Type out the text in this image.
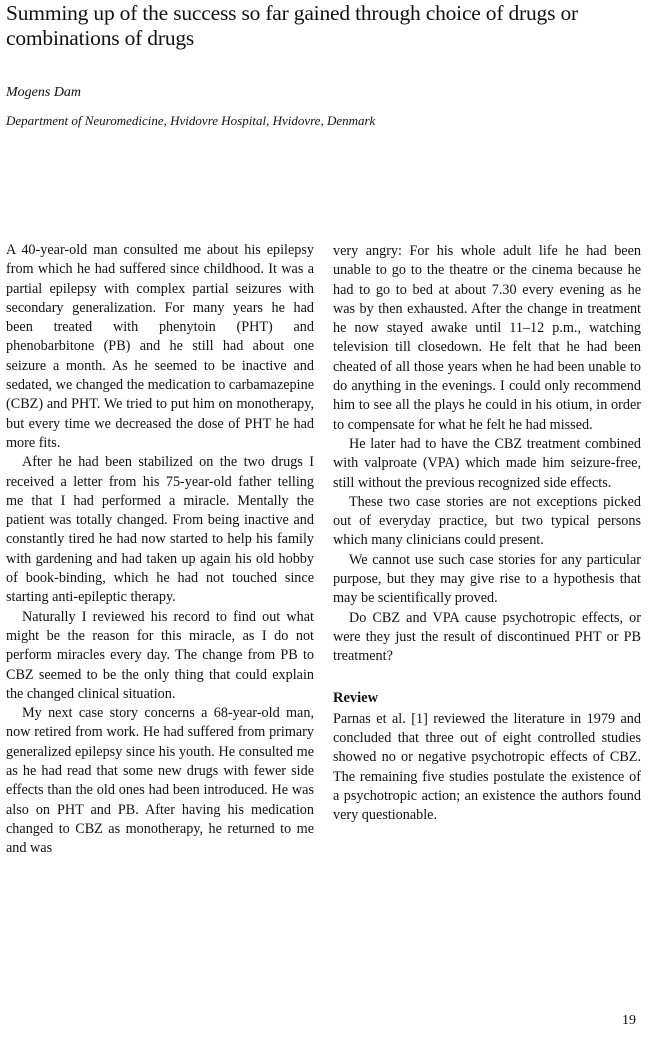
Summing up of the success so far gained through choice of drugs or combinations of drugs
Mogens Dam
Department of Neuromedicine, Hvidovre Hospital, Hvidovre, Denmark

A 40-year-old man consulted me about his epilepsy from which he had suffered since childhood. It was a partial epilepsy with complex partial seizures with secondary generalization. For many years he had been treated with phenytoin (PHT) and phenobarbitone (PB) and he still had about one seizure a month. As he seemed to be inactive and sedated, we changed the medication to carbamazepine (CBZ) and PHT. We tried to put him on monotherapy, but every time we decreased the dose of PHT he had more fits.

After he had been stabilized on the two drugs I received a letter from his 75-year-old father telling me that I had performed a miracle. Mentally the patient was totally changed. From being inactive and constantly tired he had now started to help his family with gardening and had taken up again his old hobby of book-binding, which he had not touched since starting anti-epileptic therapy.

Naturally I reviewed his record to find out what might be the reason for this miracle, as I do not perform miracles every day. The change from PB to CBZ seemed to be the only thing that could explain the changed clinical situation.

My next case story concerns a 68-year-old man, now retired from work. He had suffered from primary generalized epilepsy since his youth. He consulted me as he had read that some new drugs with fewer side effects than the old ones had been introduced. He was also on PHT and PB. After having his medication changed to CBZ as monotherapy, he returned to me and was

very angry: For his whole adult life he had been unable to go to the theatre or the cinema because he had to go to bed at about 7.30 every evening as he was by then exhausted. After the change in treatment he now stayed awake until 11–12 p.m., watching television till closedown. He felt that he had been cheated of all those years when he had been unable to do anything in the evenings. I could only recommend him to see all the plays he could in his otium, in order to compensate for what he felt he had missed.

He later had to have the CBZ treatment combined with valproate (VPA) which made him seizure-free, still without the previous recognized side effects.

These two case stories are not exceptions picked out of everyday practice, but two typical persons which many clinicians could present.

We cannot use such case stories for any particular purpose, but they may give rise to a hypothesis that may be scientifically proved.

Do CBZ and VPA cause psychotropic effects, or were they just the result of discontinued PHT or PB treatment?

Review

Parnas et al. [1] reviewed the literature in 1979 and concluded that three out of eight controlled studies showed no or negative psychotropic effects of CBZ. The remaining five studies postulate the existence of a psychotropic action; an existence the authors found very questionable.

19
